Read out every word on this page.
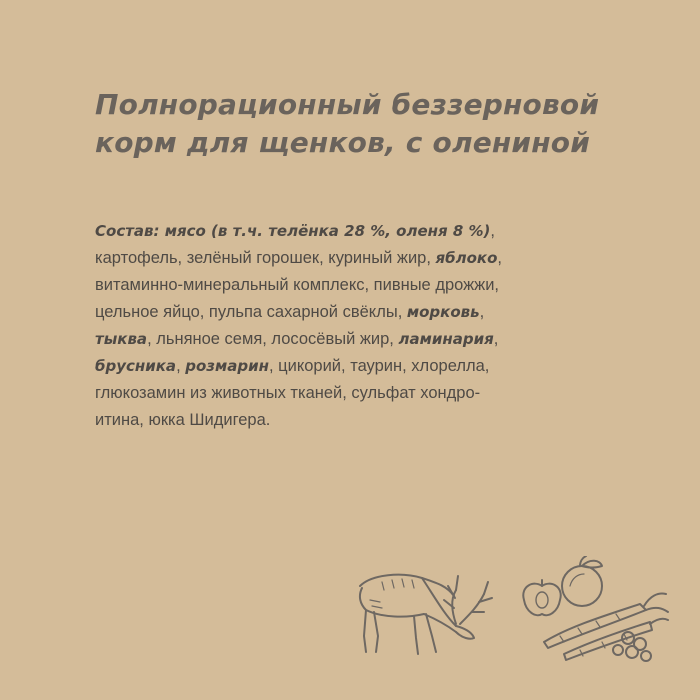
Полнорационный беззерновой
корм для щенков, с олениной
Состав: мясо (в т.ч. телёнка 28 %, оленя 8 %),
картофель, зелёный горошек, куриный жир, яблоко,
витаминно-минеральный комплекс, пивные дрожжи,
цельное яйцо, пульпа сахарной свёклы, морковь,
тыква, льняное семя, лососёвый жир, ламинария,
брусника, розмарин, цикорий, таурин, хлорелла,
глюкозамин из животных тканей, сульфат хондро-
итина, юкка Шидигера.
